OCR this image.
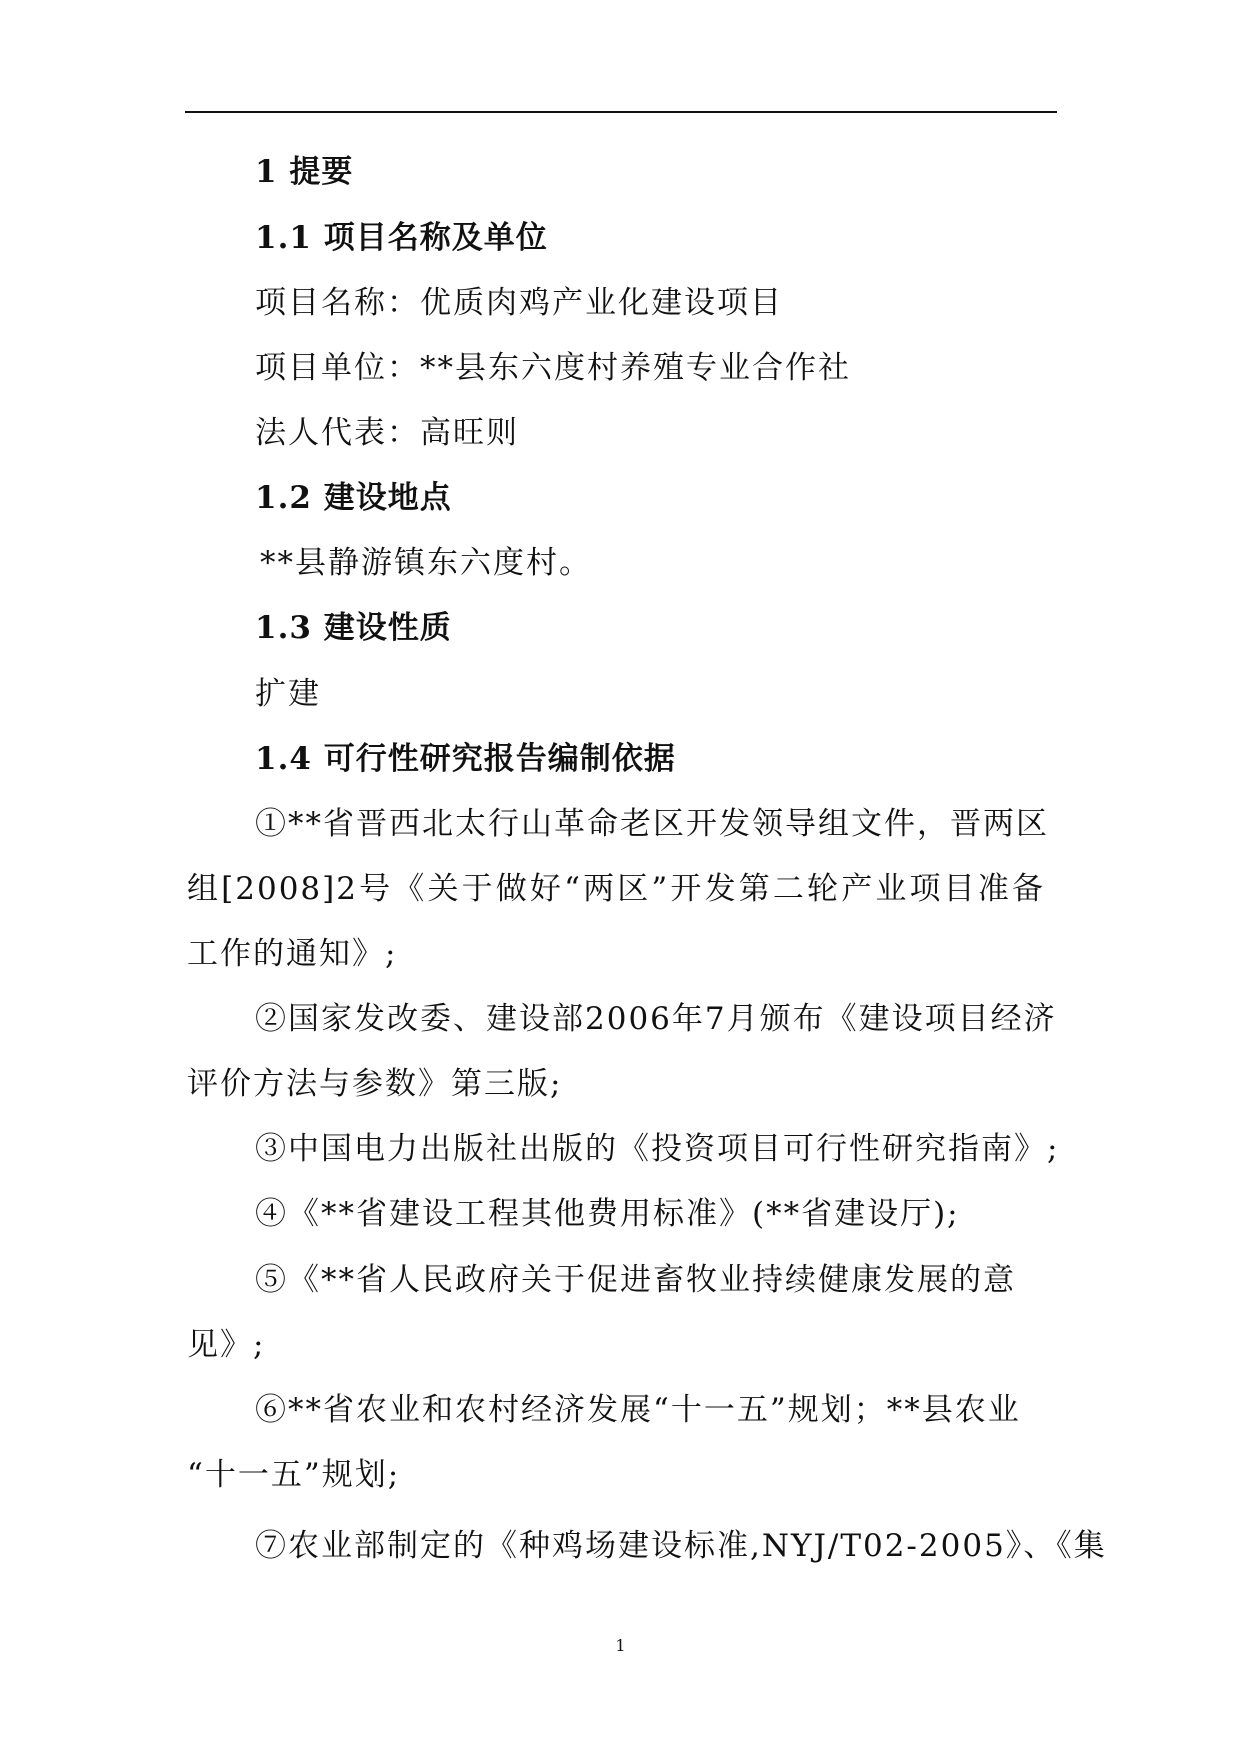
1 提要
1.1 项目名称及单位
项目名称：优质肉鸡产业化建设项目
项目单位：**县东六度村养殖专业合作社
法人代表：高旺则
1.2 建设地点
**县静游镇东六度村。
1.3 建设性质
扩建
1.4 可行性研究报告编制依据
①**省晋西北太行山革命老区开发领导组文件，晋两区
组[2008]2号《关于做好“两区”开发第二轮产业项目准备
工作的通知》;
②国家发改委、建设部2006年7月颁布《建设项目经济
评价方法与参数》第三版;
③中国电力出版社出版的《投资项目可行性研究指南》;
④《**省建设工程其他费用标准》(**省建设厅);
⑤《**省人民政府关于促进畜牧业持续健康发展的意
见》;
⑥**省农业和农村经济发展“十一五”规划；**县农业
“十一五”规划;
⑦农业部制定的《种鸡场建设标准,NYJ/T02-2005》、《集
1
